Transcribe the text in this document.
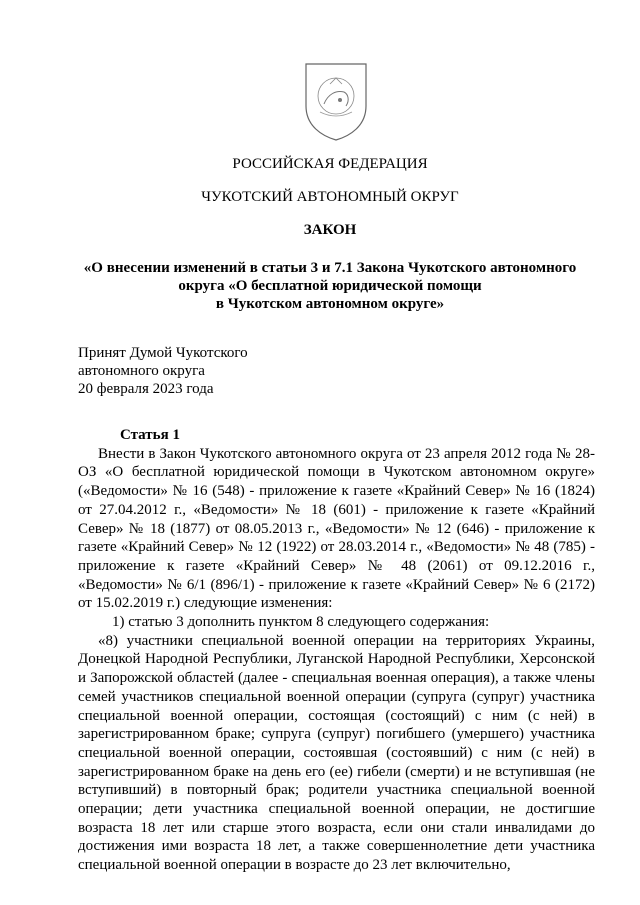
РОССИЙСКАЯ ФЕДЕРАЦИЯ
ЧУКОТСКИЙ АВТОНОМНЫЙ ОКРУГ
ЗАКОН
«О внесении изменений в статьи 3 и 7.1 Закона Чукотского автономного
округа «О бесплатной юридической помощи
в Чукотском автономном округе»
Принят Думой Чукотского
автономного округа
20 февраля 2023 года
Статья 1

Внести в Закон Чукотского автономного округа от 23 апреля 2012 года № 28-ОЗ «О бесплатной юридической помощи в Чукотском автономном округе» («Ведомости» № 16 (548) - приложение к газете «Крайний Север» № 16 (1824) от 27.04.2012 г., «Ведомости» № 18 (601) - приложение к газете «Крайний Север» № 18 (1877) от 08.05.2013 г., «Ведомости» № 12 (646) - приложение к газете «Крайний Север» № 12 (1922) от 28.03.2014 г., «Ведомости» № 48 (785) - приложение к газете «Крайний Север» № 48 (2061) от 09.12.2016 г., «Ведомости» № 6/1 (896/1) - приложение к газете «Крайний Север» № 6 (2172) от 15.02.2019 г.) следующие изменения:

1) статью 3 дополнить пунктом 8 следующего содержания:

«8) участники специальной военной операции на территориях Украины, Донецкой Народной Республики, Луганской Народной Республики, Херсонской и Запорожской областей (далее - специальная военная операция), а также члены семей участников специальной военной операции (супруга (супруг) участника специальной военной операции, состоящая (состоящий) с ним (с ней) в зарегистрированном браке; супруга (супруг) погибшего (умершего) участника специальной военной операции, состоявшая (состоявший) с ним (с ней) в зарегистрированном браке на день его (ее) гибели (смерти) и не вступившая (не вступивший) в повторный брак; родители участника специальной военной операции; дети участника специальной военной операции, не достигшие возраста 18 лет или старше этого возраста, если они стали инвалидами до достижения ими возраста 18 лет, а также совершеннолетние дети участника специальной военной операции в возрасте до 23 лет включительно,
